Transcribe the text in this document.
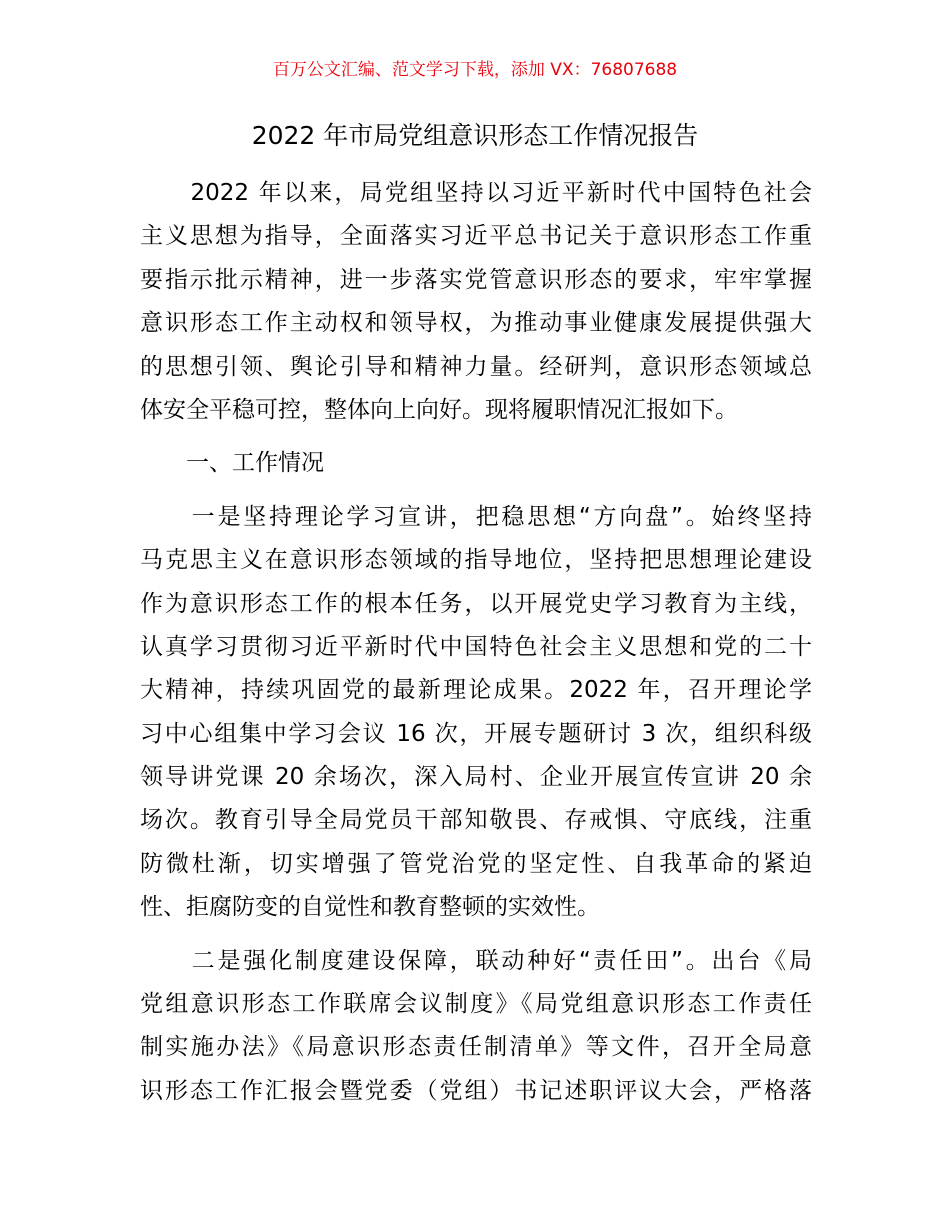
百万公文汇编、范文学习下载，添加 VX：76807688
2022 年市局党组意识形态工作情况报告
　　2022 年以来，局党组坚持以习近平新时代中国特色社会
主义思想为指导，全面落实习近平总书记关于意识形态工作重
要指示批示精神，进一步落实党管意识形态的要求，牢牢掌握
意识形态工作主动权和领导权，为推动事业健康发展提供强大
的思想引领、舆论引导和精神力量。经研判，意识形态领域总
体安全平稳可控，整体向上向好。现将履职情况汇报如下。
　　一、工作情况
　　一是坚持理论学习宣讲，把稳思想“方向盘”。始终坚持
马克思主义在意识形态领域的指导地位，坚持把思想理论建设
作为意识形态工作的根本任务，以开展党史学习教育为主线，
认真学习贯彻习近平新时代中国特色社会主义思想和党的二十
大精神，持续巩固党的最新理论成果。2022 年，召开理论学
习中心组集中学习会议 16 次，开展专题研讨 3 次，组织科级
领导讲党课 20 余场次，深入局村、企业开展宣传宣讲 20 余
场次。教育引导全局党员干部知敬畏、存戒惧、守底线，注重
防微杜渐，切实增强了管党治党的坚定性、自我革命的紧迫
性、拒腐防变的自觉性和教育整顿的实效性。
　　二是强化制度建设保障，联动种好“责任田”。出台《局
党组意识形态工作联席会议制度》《局党组意识形态工作责任
制实施办法》《局意识形态责任制清单》等文件，召开全局意
识形态工作汇报会暨党委（党组）书记述职评议大会，严格落
